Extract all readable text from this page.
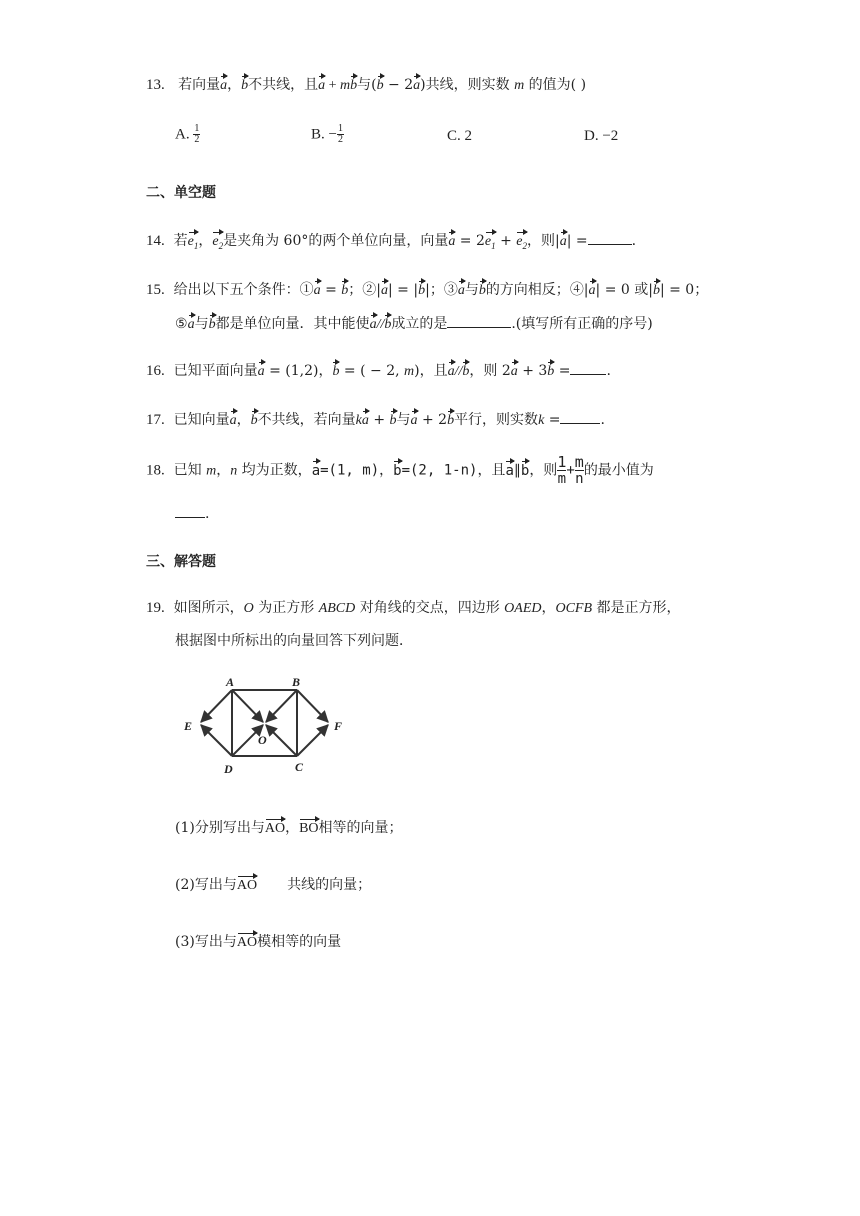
13. 若向量a，b不共线，且a + mb与(b − 2a)共线，则实数 m 的值为( )
A. $\frac{1}{2}$	B. − $\frac{1}{2}$	C. 2	D. −2
二、单空题
14. 若$e_1$，$e_2$是夹角为 60°的两个单位向量，向量$a = 2e_1 + e_2$，则|a| =	.
15. 给出以下五个条件：①a = b；②|a| = |b|；③a与b的方向相反；④|a| = 0 或|b| = 0；
⑤a与b都是单位向量．其中能使a//b成立的是	.(填写所有正确的序号)
16. 已知平面向量a = (1,2)，b = ( − 2, m)，且a//b，则 2a + 3b =	.
17. 已知向量a，b不共线，若向量ka + b与a + 2b平行，则实数k =	.
18. 已知 m，n 均为正数，a=(1, m)，b=(2, 1-n)，且a∥b，则 $\frac{1}{m} + \frac{m}{n}$ 的最小值为
.
三、解答题
19. 如图所示，O 为正方形 ABCD 对角线的交点，四边形 OAED，OCFB 都是正方形，
根据图中所标出的向量回答下列问题．
A	B
C
D
E	F
O
(1)分别写出与AO，BO相等的向量；
(2)写出与AO 共线的向量；
(3)写出与AO模相等的向量
